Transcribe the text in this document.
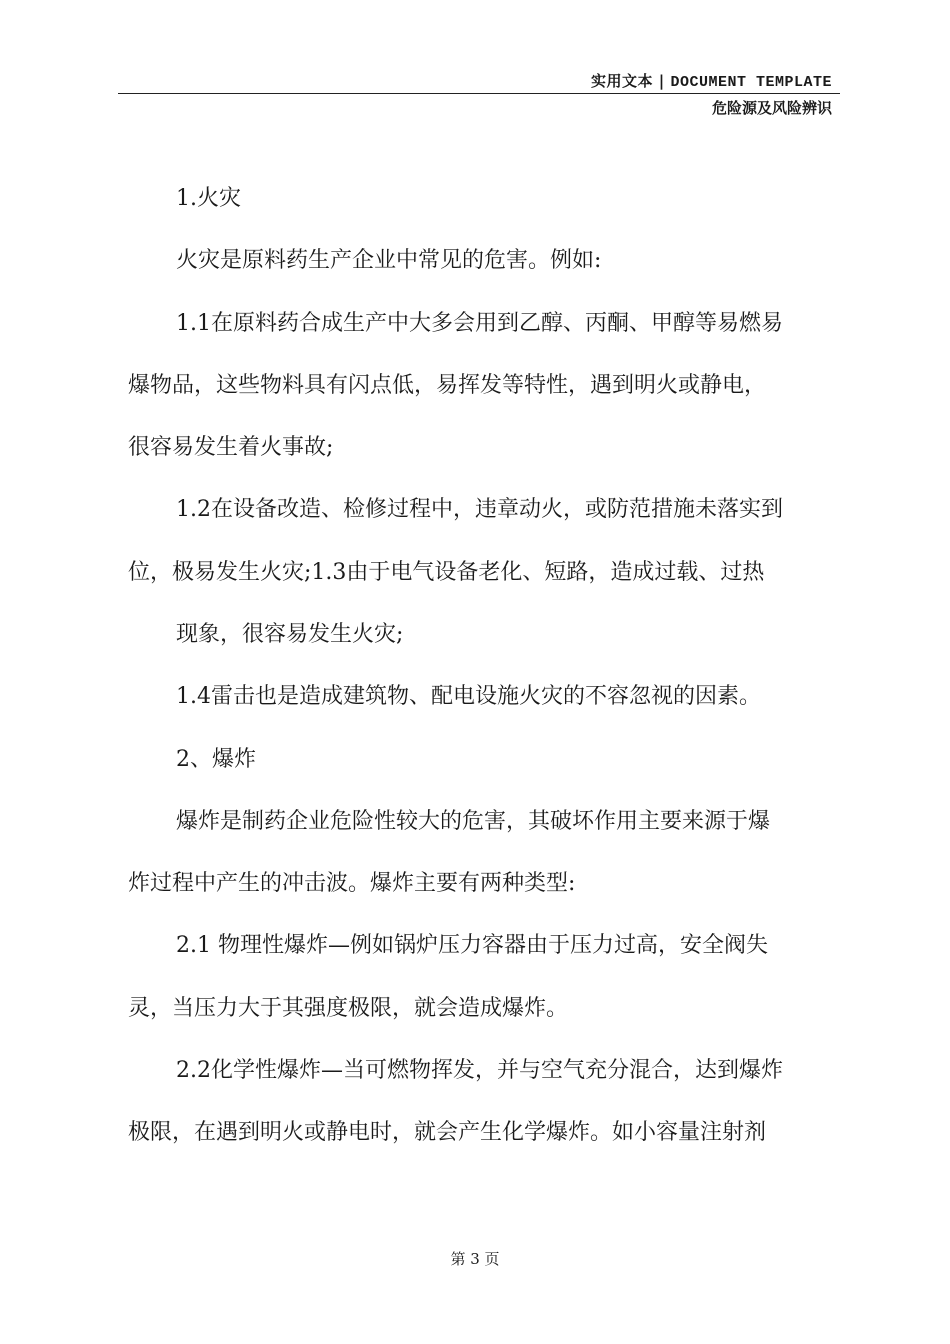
实用文本 | DOCUMENT TEMPLATE
危险源及风险辨识
1.火灾
火灾是原料药生产企业中常见的危害。例如:
1.1在原料药合成生产中大多会用到乙醇、丙酮、甲醇等易燃易
爆物品，这些物料具有闪点低，易挥发等特性，遇到明火或静电，
很容易发生着火事故;
1.2在设备改造、检修过程中，违章动火，或防范措施未落实到
位，极易发生火灾;1.3由于电气设备老化、短路，造成过载、过热
现象，很容易发生火灾;
1.4雷击也是造成建筑物、配电设施火灾的不容忽视的因素。
2、爆炸
爆炸是制药企业危险性较大的危害，其破坏作用主要来源于爆
炸过程中产生的冲击波。爆炸主要有两种类型:
2.1 物理性爆炸—例如锅炉压力容器由于压力过高，安全阀失
灵，当压力大于其强度极限，就会造成爆炸。
2.2化学性爆炸—当可燃物挥发，并与空气充分混合，达到爆炸
极限，在遇到明火或静电时，就会产生化学爆炸。如小容量注射剂
第 3 页
